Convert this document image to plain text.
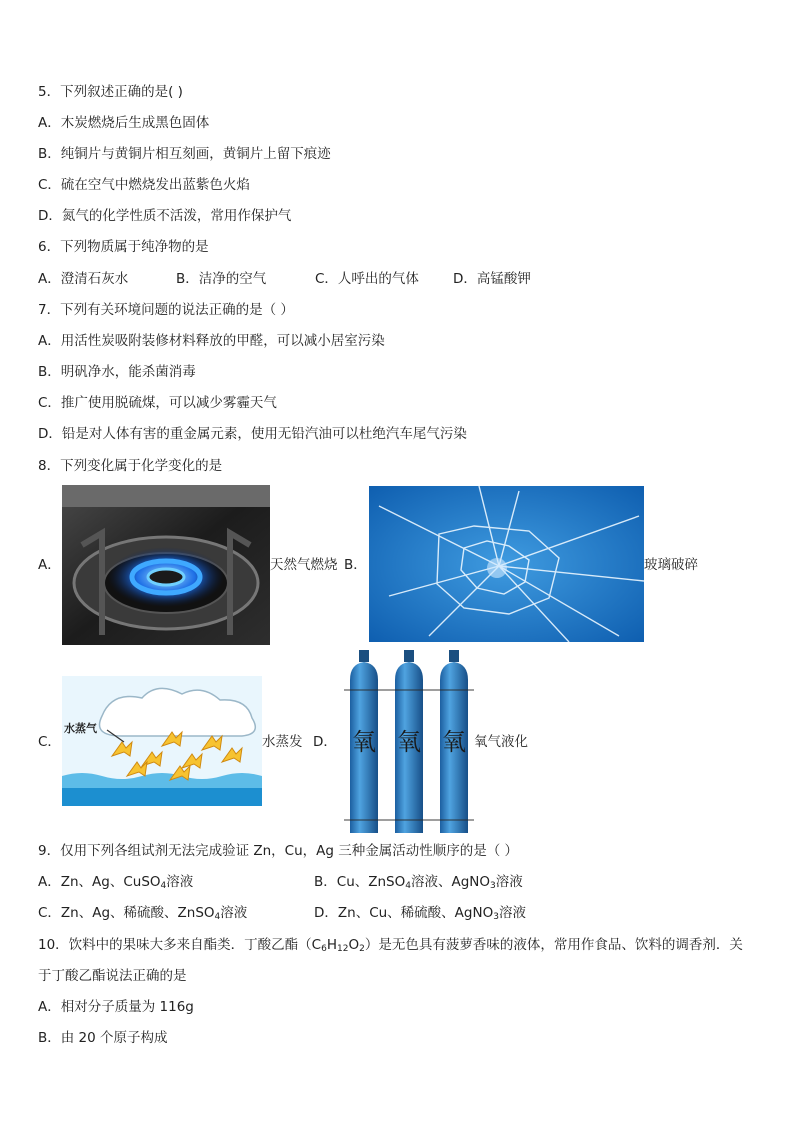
5．下列叙述正确的是( )
A．木炭燃烧后生成黑色固体
B．纯铜片与黄铜片相互刻画，黄铜片上留下痕迹
C．硫在空气中燃烧发出蓝紫色火焰
D．氮气的化学性质不活泼，常用作保护气
6．下列物质属于纯净物的是
A．澄清石灰水	B．洁净的空气	C．人呼出的气体	D．高锰酸钾
7．下列有关环境问题的说法正确的是（ ）
A．用活性炭吸附装修材料释放的甲醛，可以减小居室污染
B．明矾净水，能杀菌消毒
C．推广使用脱硫煤，可以减少雾霾天气
D．铅是对人体有害的重金属元素，使用无铅汽油可以杜绝汽车尾气污染
8．下列变化属于化学变化的是
A．	天然气燃烧 B．	玻璃破碎
C．
水蒸气
水蒸发 D． 氧 氧 氧 氧气液化
9．仅用下列各组试剂无法完成验证 Zn，Cu，Ag 三种金属活动性顺序的是（ ）
A．Zn、Ag、CuSO$_4$溶液	B．Cu、ZnSO$_4$溶液、AgNO$_3$溶液
C．Zn、Ag、稀硫酸、ZnSO$_4$溶液	D．Zn、Cu、稀硫酸、AgNO$_3$溶液
10．饮料中的果味大多来自酯类．丁酸乙酯$(C_6H_{12}O_2)$是无色具有菠萝香味的液体，常用作食品、饮料的调香剂．关
于丁酸乙酯说法正确的是
A．相对分子质量为 116g
B．由 20 个原子构成
